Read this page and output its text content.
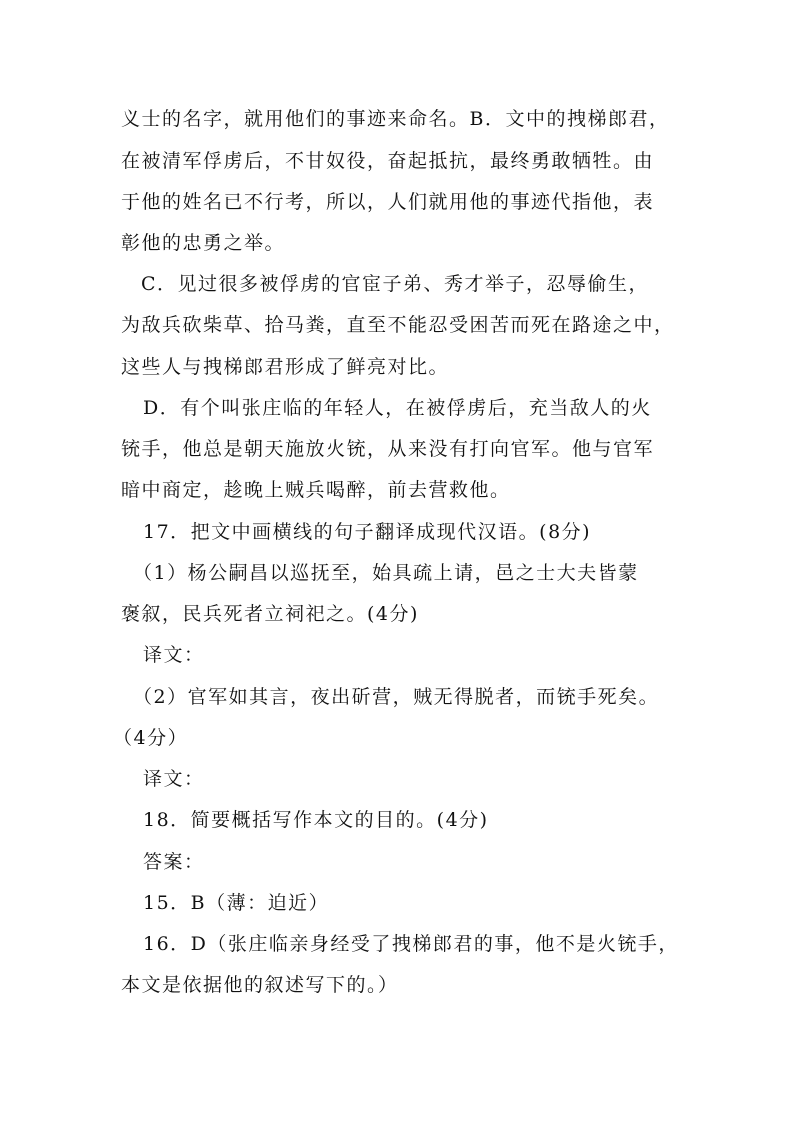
义士的名字，就用他们的事迹来命名。B．文中的拽梯郎君，
在被清军俘虏后，不甘奴役，奋起抵抗，最终勇敢牺牲。由
于他的姓名已不行考，所以，人们就用他的事迹代指他，表
彰他的忠勇之举。
C．见过很多被俘虏的官宦子弟、秀才举子，忍辱偷生，
为敌兵砍柴草、拾马粪，直至不能忍受困苦而死在路途之中，
这些人与拽梯郎君形成了鲜亮对比。
D．有个叫张庄临的年轻人，在被俘虏后，充当敌人的火
铳手，他总是朝天施放火铳，从来没有打向官军。他与官军
暗中商定，趁晚上贼兵喝醉，前去营救他。
17．把文中画横线的句子翻译成现代汉语。(8分)
（1）杨公嗣昌以巡抚至，始具疏上请，邑之士大夫皆蒙
褒叙，民兵死者立祠祀之。(4分)
译文：
（2）官军如其言，夜出斫营，贼无得脱者，而铳手死矣。
（4分）
译文：
18．简要概括写作本文的目的。(4分)
答案：
15．B（薄：迫近）
16．D（张庄临亲身经受了拽梯郎君的事，他不是火铳手，
本文是依据他的叙述写下的。）
